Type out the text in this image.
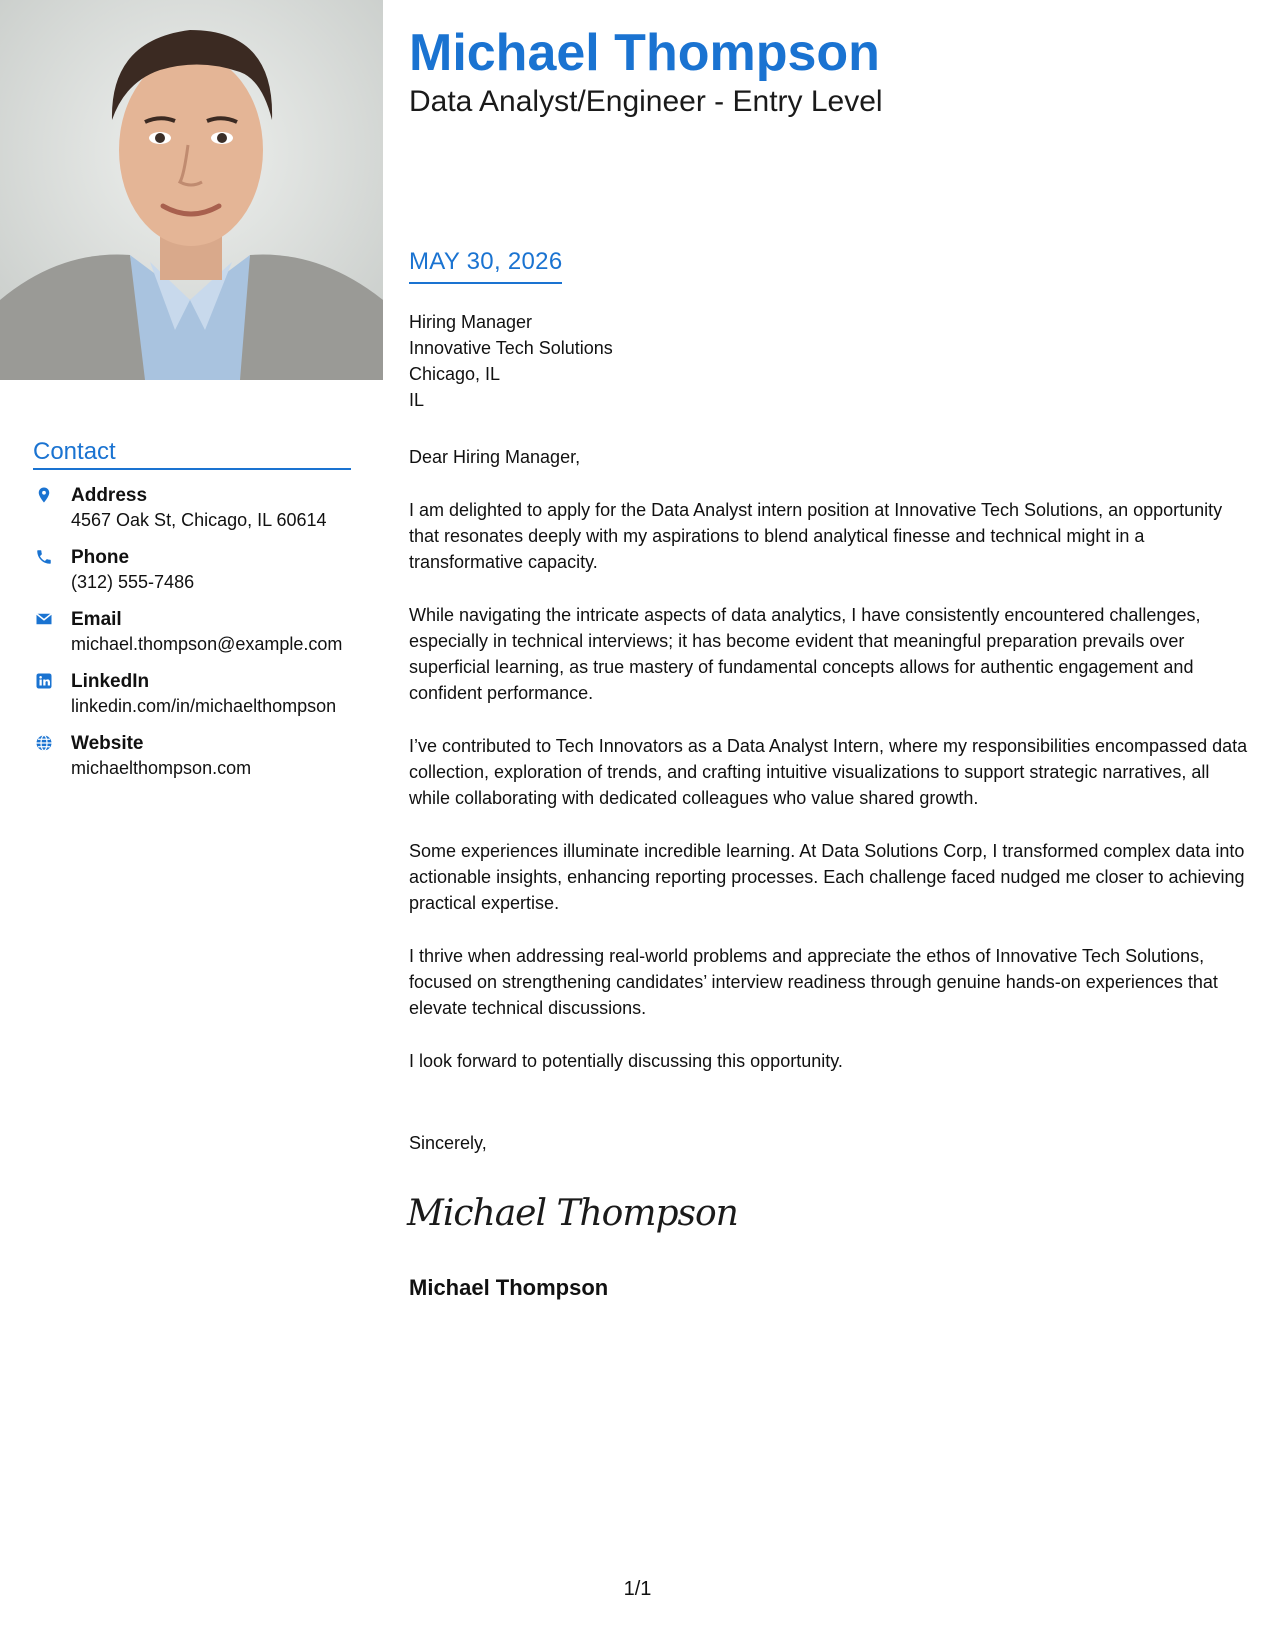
Michael Thompson
Data Analyst/Engineer - Entry Level
MAY 30, 2026
Hiring Manager
Innovative Tech Solutions
Chicago, IL
IL
Contact
Address
4567 Oak St, Chicago, IL 60614
Phone
(312) 555-7486
Email
michael.thompson@example.com
LinkedIn
linkedin.com/in/michaelthompson
Website
michaelthompson.com

Dear Hiring Manager,

I am delighted to apply for the Data Analyst intern position at Innovative Tech Solutions, an opportunity that resonates deeply with my aspirations to blend analytical finesse and technical might in a transformative capacity.

While navigating the intricate aspects of data analytics, I have consistently encountered challenges, especially in technical interviews; it has become evident that meaningful preparation prevails over superficial learning, as true mastery of fundamental concepts allows for authentic engagement and confident performance.

I’ve contributed to Tech Innovators as a Data Analyst Intern, where my responsibilities encompassed data collection, exploration of trends, and crafting intuitive visualizations to support strategic narratives, all while collaborating with dedicated colleagues who value shared growth.

Some experiences illuminate incredible learning. At Data Solutions Corp, I transformed complex data into actionable insights, enhancing reporting processes. Each challenge faced nudged me closer to achieving practical expertise.

I thrive when addressing real-world problems and appreciate the ethos of Innovative Tech Solutions, focused on strengthening candidates’ interview readiness through genuine hands-on experiences that elevate technical discussions.

I look forward to potentially discussing this opportunity.

Sincerely,
Michael Thompson
Michael Thompson
1/1
